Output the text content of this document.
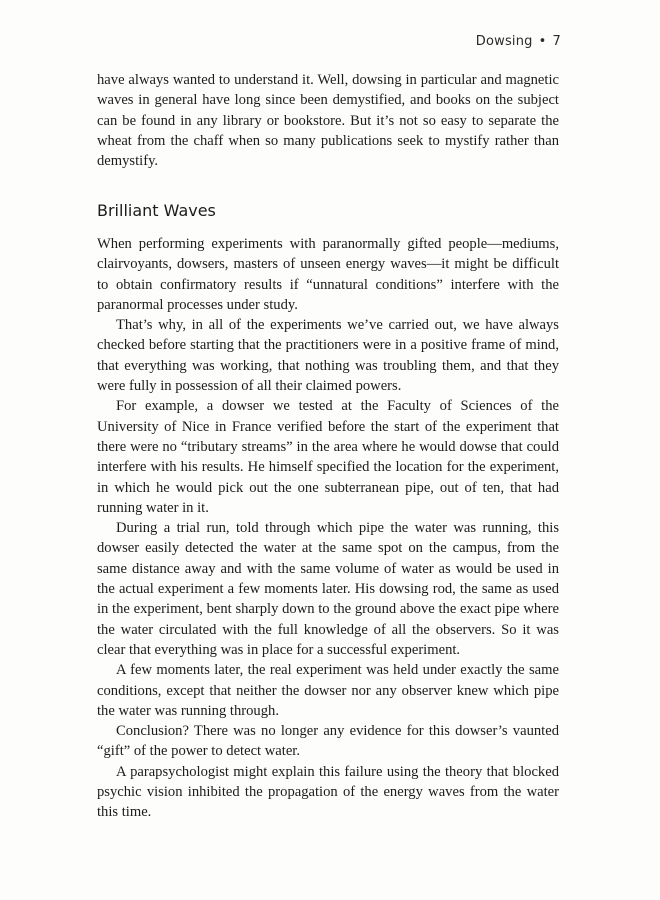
Dowsing • 7

have always wanted to understand it. Well, dowsing in particular and magnetic waves in general have long since been demystified, and books on the subject can be found in any library or bookstore. But it’s not so easy to separate the wheat from the chaff when so many publications seek to mystify rather than demystify.

Brilliant Waves

When performing experiments with paranormally gifted people—mediums, clairvoyants, dowsers, masters of unseen energy waves—it might be difficult to obtain confirmatory results if “unnatural conditions” interfere with the paranormal processes under study.

That’s why, in all of the experiments we’ve carried out, we have always checked before starting that the practitioners were in a positive frame of mind, that everything was working, that nothing was troubling them, and that they were fully in possession of all their claimed powers.

For example, a dowser we tested at the Faculty of Sciences of the University of Nice in France verified before the start of the experiment that there were no “tributary streams” in the area where he would dowse that could interfere with his results. He himself specified the location for the experiment, in which he would pick out the one subterranean pipe, out of ten, that had running water in it.

During a trial run, told through which pipe the water was running, this dowser easily detected the water at the same spot on the campus, from the same distance away and with the same volume of water as would be used in the actual experiment a few moments later. His dowsing rod, the same as used in the experiment, bent sharply down to the ground above the exact pipe where the water circulated with the full knowledge of all the observers. So it was clear that everything was in place for a successful experiment.

A few moments later, the real experiment was held under exactly the same conditions, except that neither the dowser nor any observer knew which pipe the water was running through.

Conclusion? There was no longer any evidence for this dowser’s vaunted “gift” of the power to detect water.

A parapsychologist might explain this failure using the theory that blocked psychic vision inhibited the propagation of the energy waves from the water this time.
